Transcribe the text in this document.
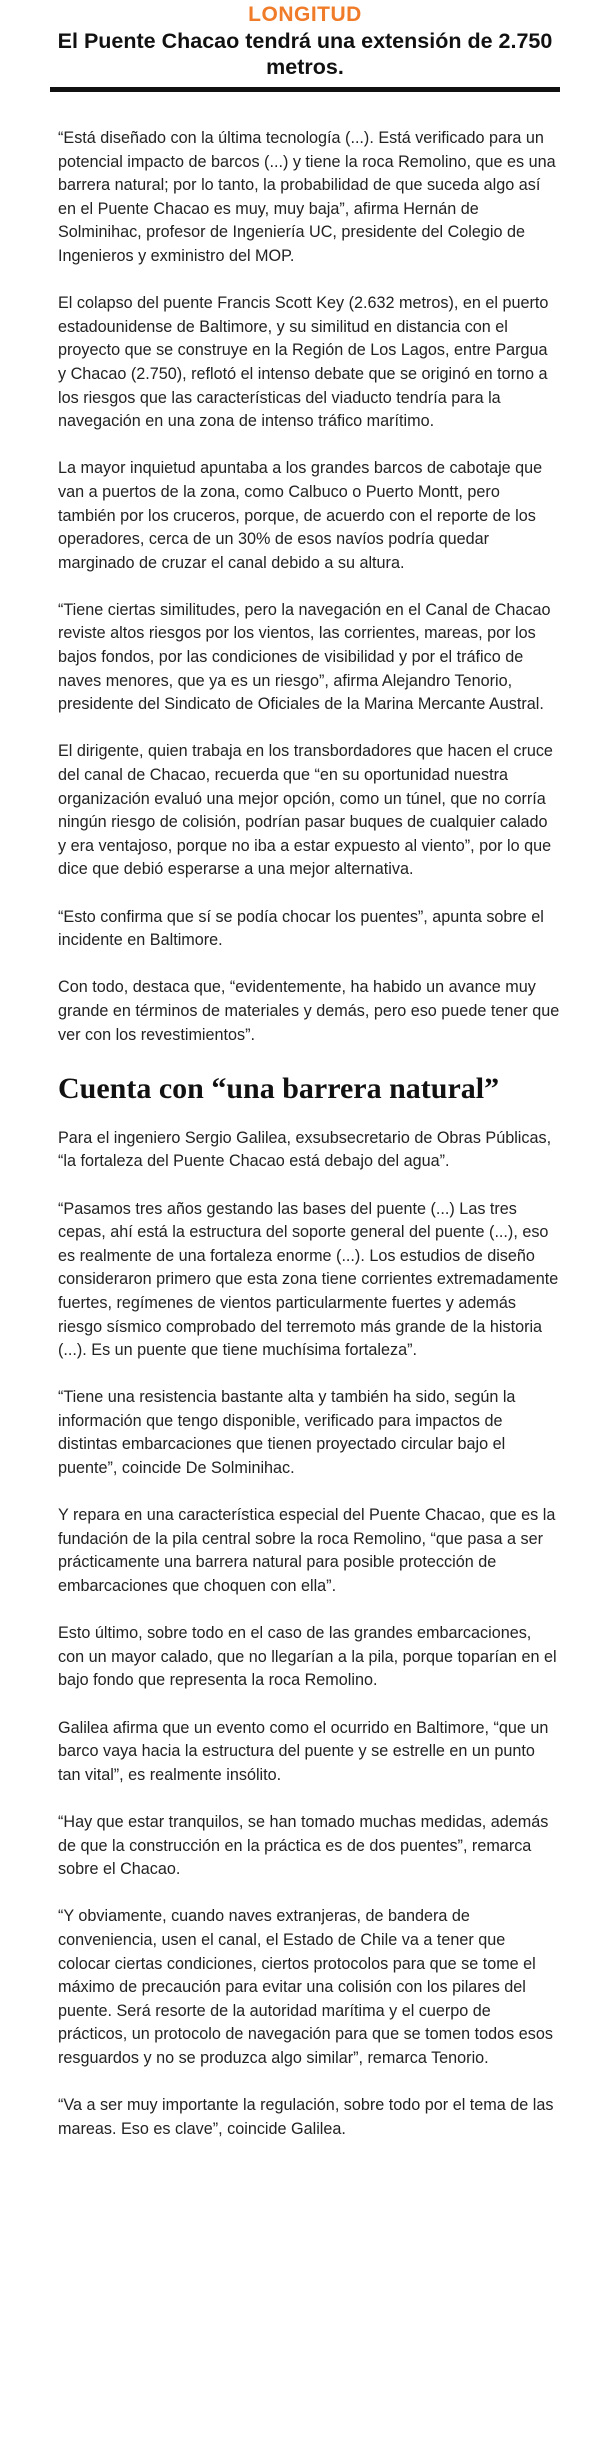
LONGITUD
El Puente Chacao tendrá una extensión de 2.750 metros.

“Está diseñado con la última tecnología (...). Está verificado para un potencial impacto de barcos (...) y tiene la roca Remolino, que es una barrera natural; por lo tanto, la probabilidad de que suceda algo así en el Puente Chacao es muy, muy baja”, afirma Hernán de Solminihac, profesor de Ingeniería UC, presidente del Colegio de Ingenieros y exministro del MOP.

El colapso del puente Francis Scott Key (2.632 metros), en el puerto estadounidense de Baltimore, y su similitud en distancia con el proyecto que se construye en la Región de Los Lagos, entre Pargua y Chacao (2.750), reflotó el intenso debate que se originó en torno a los riesgos que las características del viaducto tendría para la navegación en una zona de intenso tráfico marítimo.

La mayor inquietud apuntaba a los grandes barcos de cabotaje que van a puertos de la zona, como Calbuco o Puerto Montt, pero también por los cruceros, porque, de acuerdo con el reporte de los operadores, cerca de un 30% de esos navíos podría quedar marginado de cruzar el canal debido a su altura.

“Tiene ciertas similitudes, pero la navegación en el Canal de Chacao reviste altos riesgos por los vientos, las corrientes, mareas, por los bajos fondos, por las condiciones de visibilidad y por el tráfico de naves menores, que ya es un riesgo”, afirma Alejandro Tenorio, presidente del Sindicato de Oficiales de la Marina Mercante Austral.

El dirigente, quien trabaja en los transbordadores que hacen el cruce del canal de Chacao, recuerda que “en su oportunidad nuestra organización evaluó una mejor opción, como un túnel, que no corría ningún riesgo de colisión, podrían pasar buques de cualquier calado y era ventajoso, porque no iba a estar expuesto al viento”, por lo que dice que debió esperarse a una mejor alternativa.

“Esto confirma que sí se podía chocar los puentes”, apunta sobre el incidente en Baltimore.

Con todo, destaca que, “evidentemente, ha habido un avance muy grande en términos de materiales y demás, pero eso puede tener que ver con los revestimientos”.

Cuenta con “una barrera natural”

Para el ingeniero Sergio Galilea, exsubsecretario de Obras Públicas, “la fortaleza del Puente Chacao está debajo del agua”.

“Pasamos tres años gestando las bases del puente (...) Las tres cepas, ahí está la estructura del soporte general del puente (...), eso es realmente de una fortaleza enorme (...). Los estudios de diseño consideraron primero que esta zona tiene corrientes extremadamente fuertes, regímenes de vientos particularmente fuertes y además riesgo sísmico comprobado del terremoto más grande de la historia (...). Es un puente que tiene muchísima fortaleza”.

“Tiene una resistencia bastante alta y también ha sido, según la información que tengo disponible, verificado para impactos de distintas embarcaciones que tienen proyectado circular bajo el puente”, coincide De Solminihac.

Y repara en una característica especial del Puente Chacao, que es la fundación de la pila central sobre la roca Remolino, “que pasa a ser prácticamente una barrera natural para posible protección de embarcaciones que choquen con ella”.

Esto último, sobre todo en el caso de las grandes embarcaciones, con un mayor calado, que no llegarían a la pila, porque toparían en el bajo fondo que representa la roca Remolino.

Galilea afirma que un evento como el ocurrido en Baltimore, “que un barco vaya hacia la estructura del puente y se estrelle en un punto tan vital”, es realmente insólito.

“Hay que estar tranquilos, se han tomado muchas medidas, además de que la construcción en la práctica es de dos puentes”, remarca sobre el Chacao.

“Y obviamente, cuando naves extranjeras, de bandera de conveniencia, usen el canal, el Estado de Chile va a tener que colocar ciertas condiciones, ciertos protocolos para que se tome el máximo de precaución para evitar una colisión con los pilares del puente. Será resorte de la autoridad marítima y el cuerpo de prácticos, un protocolo de navegación para que se tomen todos esos resguardos y no se produzca algo similar”, remarca Tenorio.

“Va a ser muy importante la regulación, sobre todo por el tema de las mareas. Eso es clave”, coincide Galilea.
